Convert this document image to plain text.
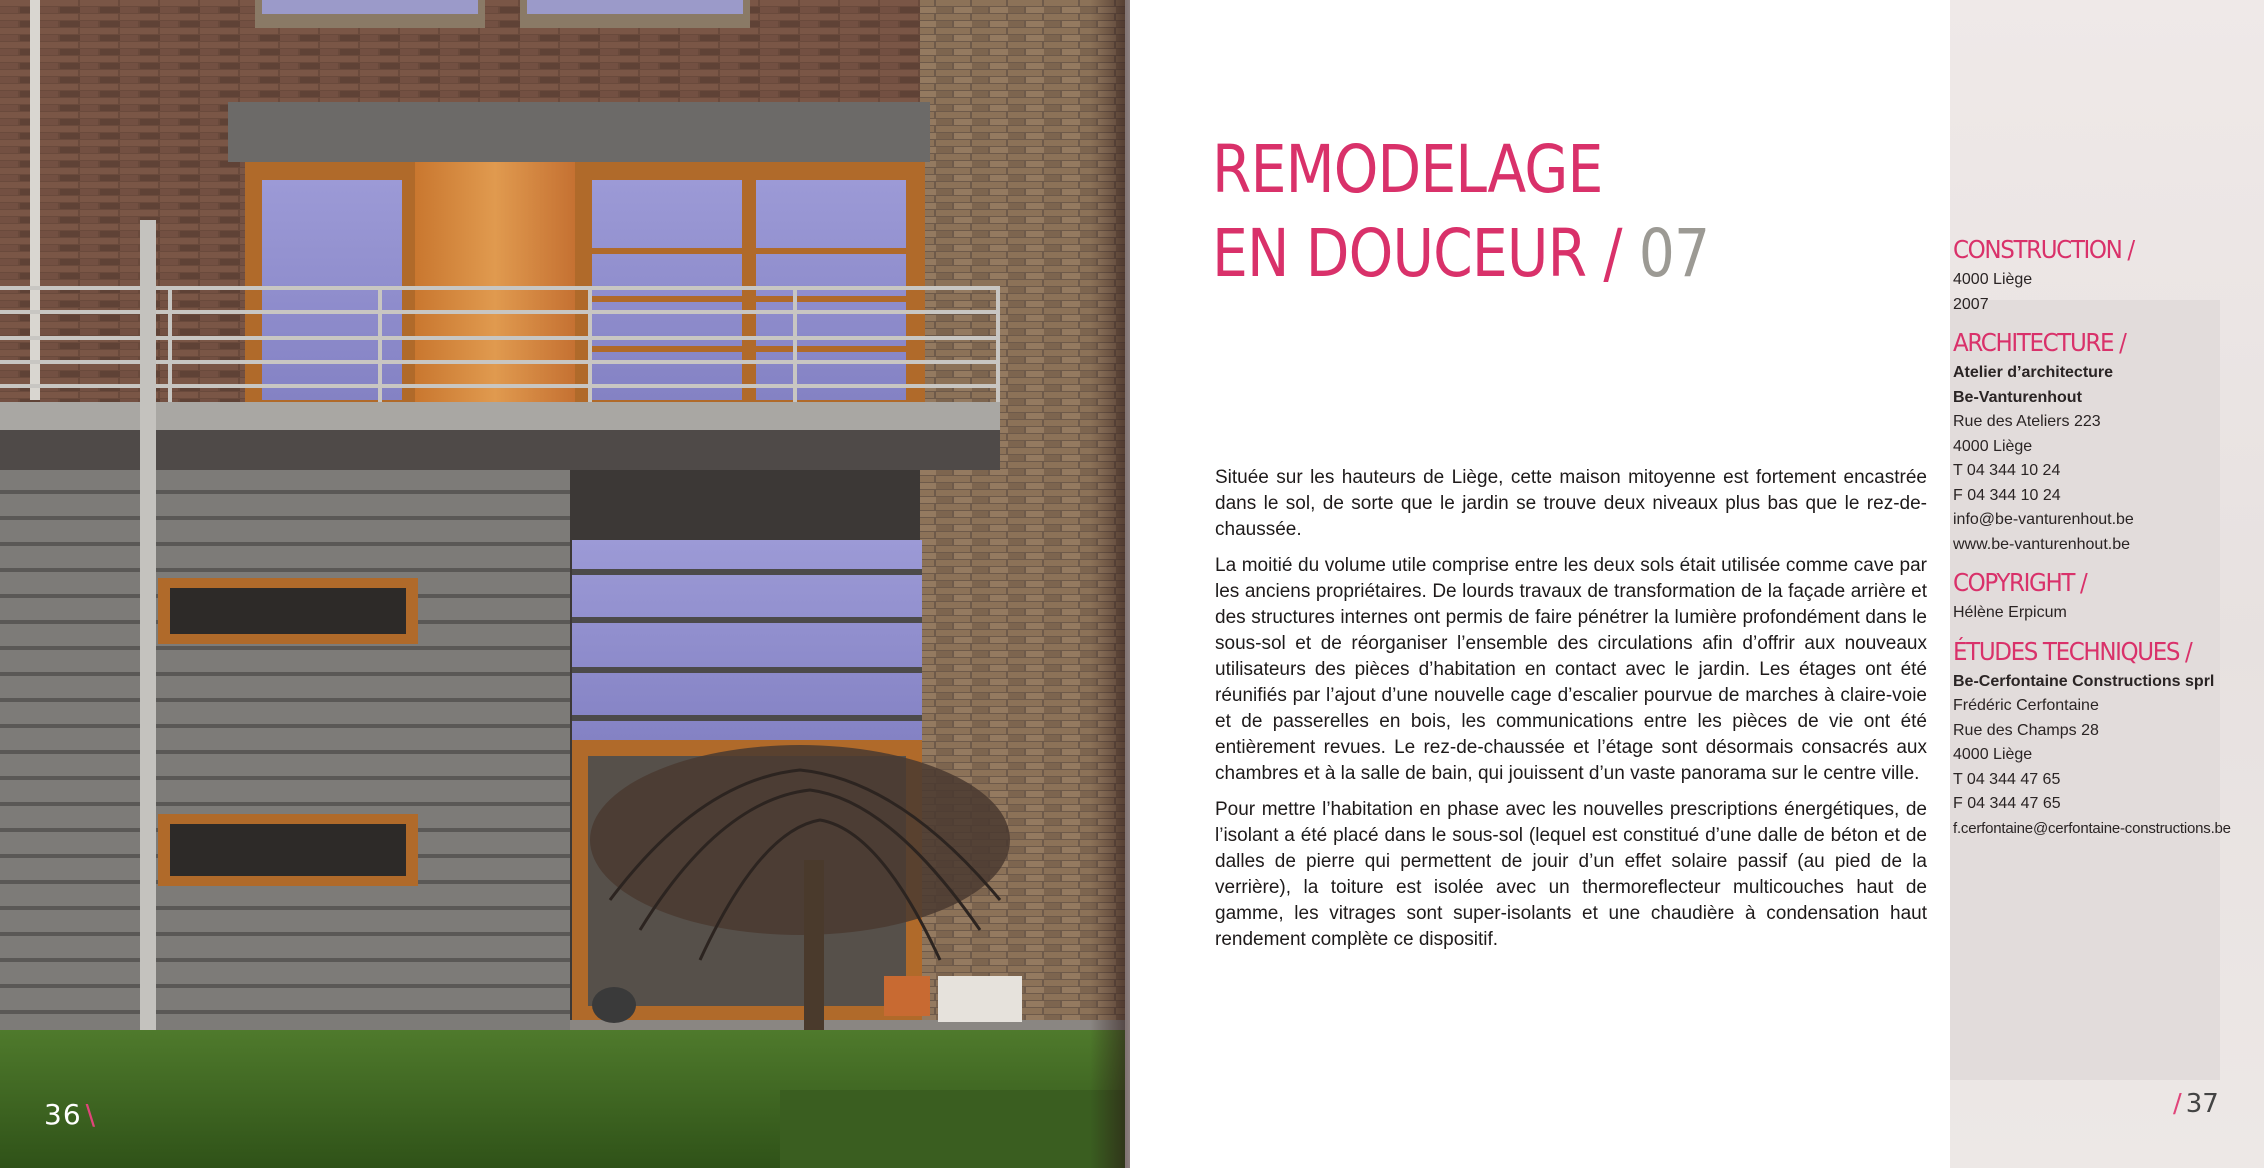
36 \
REMODELAGE
EN DOUCEUR / 07

Située sur les hauteurs de Liège, cette maison mitoyenne est fortement encastrée dans le sol, de sorte que le jardin se trouve deux niveaux plus bas que le rez-de-chaussée.

La moitié du volume utile comprise entre les deux sols était utilisée comme cave par les anciens propriétaires. De lourds travaux de transformation de la façade arrière et des structures internes ont permis de faire pénétrer la lumière profondément dans le sous-sol et de réorganiser l’ensemble des circulations afin d’offrir aux nouveaux utilisateurs des pièces d’habitation en contact avec le jardin. Les étages ont été réunifiés par l’ajout d’une nouvelle cage d’escalier pourvue de marches à claire-voie et de passerelles en bois, les communications entre les pièces de vie ont été entièrement revues. Le rez-de-chaussée et l’étage sont désormais consacrés aux chambres et à la salle de bain, qui jouissent d’un vaste panorama sur le centre ville.

Pour mettre l’habitation en phase avec les nouvelles prescriptions énergétiques, de l’isolant a été placé dans le sous-sol (lequel est constitué d’une dalle de béton et de dalles de pierre qui permettent de jouir d’un effet solaire passif (au pied de la verrière), la toiture est isolée avec un thermoreflecteur multicouches haut de gamme, les vitrages sont super-isolants et une chaudière à condensation haut rendement complète ce dispositif.

CONSTRUCTION /
4000 Liège
2007
ARCHITECTURE /
Atelier d’architecture
Be-Vanturenhout
Rue des Ateliers 223
4000 Liège
T 04 344 10 24
F 04 344 10 24
info@be-vanturenhout.be
www.be-vanturenhout.be
COPYRIGHT /
Hélène Erpicum
ÉTUDES TECHNIQUES /
Be-Cerfontaine Constructions sprl
Frédéric Cerfontaine
Rue des Champs 28
4000 Liège
T 04 344 47 65
F 04 344 47 65
f.cerfontaine@cerfontaine-constructions.be
/ 37
